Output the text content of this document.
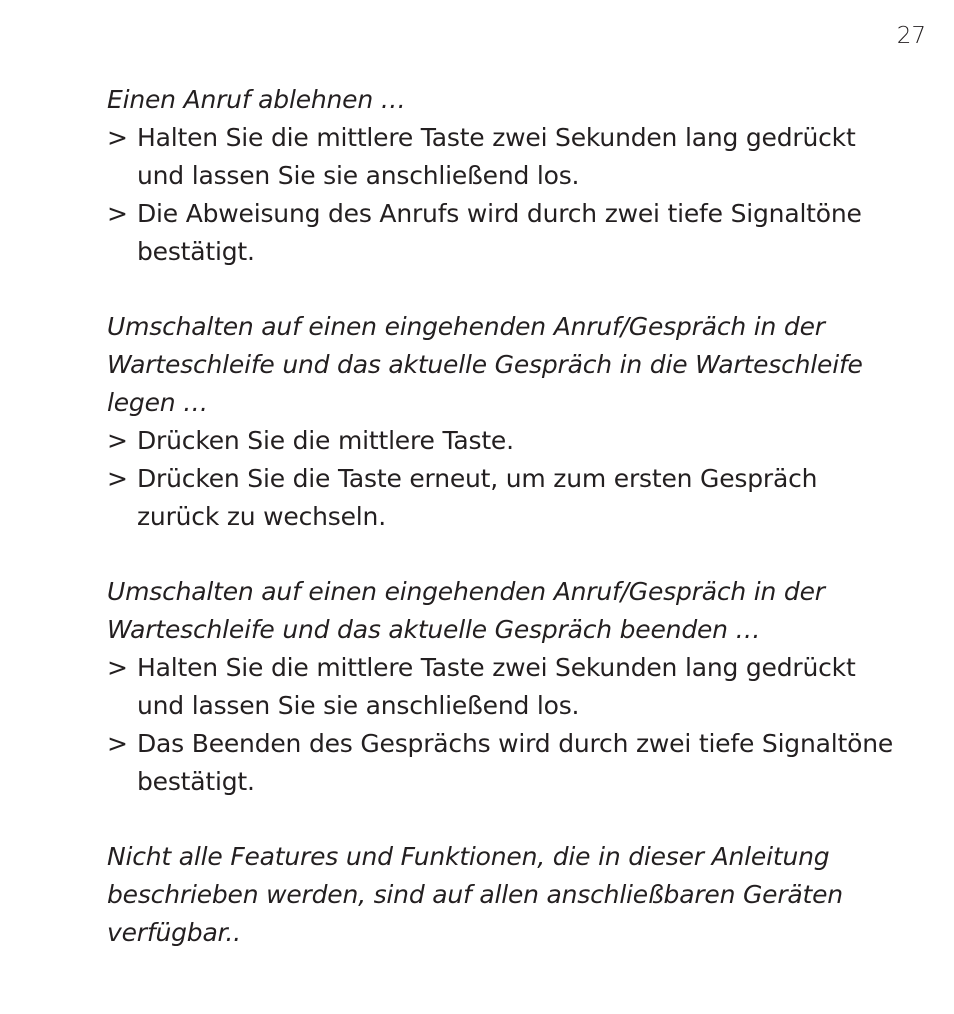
27

Einen Anruf ablehnen …

> Halten Sie die mittlere Taste zwei Sekunden lang gedrückt und lassen Sie sie anschließend los.
> Die Abweisung des Anrufs wird durch zwei tiefe Signaltöne bestätigt.

Umschalten auf einen eingehenden Anruf/Gespräch in der Warteschleife und das aktuelle Gespräch in die Warteschleife legen …

> Drücken Sie die mittlere Taste.
> Drücken Sie die Taste erneut, um zum ersten Gespräch zurück zu wechseln.

Umschalten auf einen eingehenden Anruf/Gespräch in der Warteschleife und das aktuelle Gespräch beenden …

> Halten Sie die mittlere Taste zwei Sekunden lang gedrückt und lassen Sie sie anschließend los.
> Das Beenden des Gesprächs wird durch zwei tiefe Signaltöne bestätigt.

Nicht alle Features und Funktionen, die in dieser Anleitung beschrieben werden, sind auf allen anschließbaren Geräten verfügbar..
